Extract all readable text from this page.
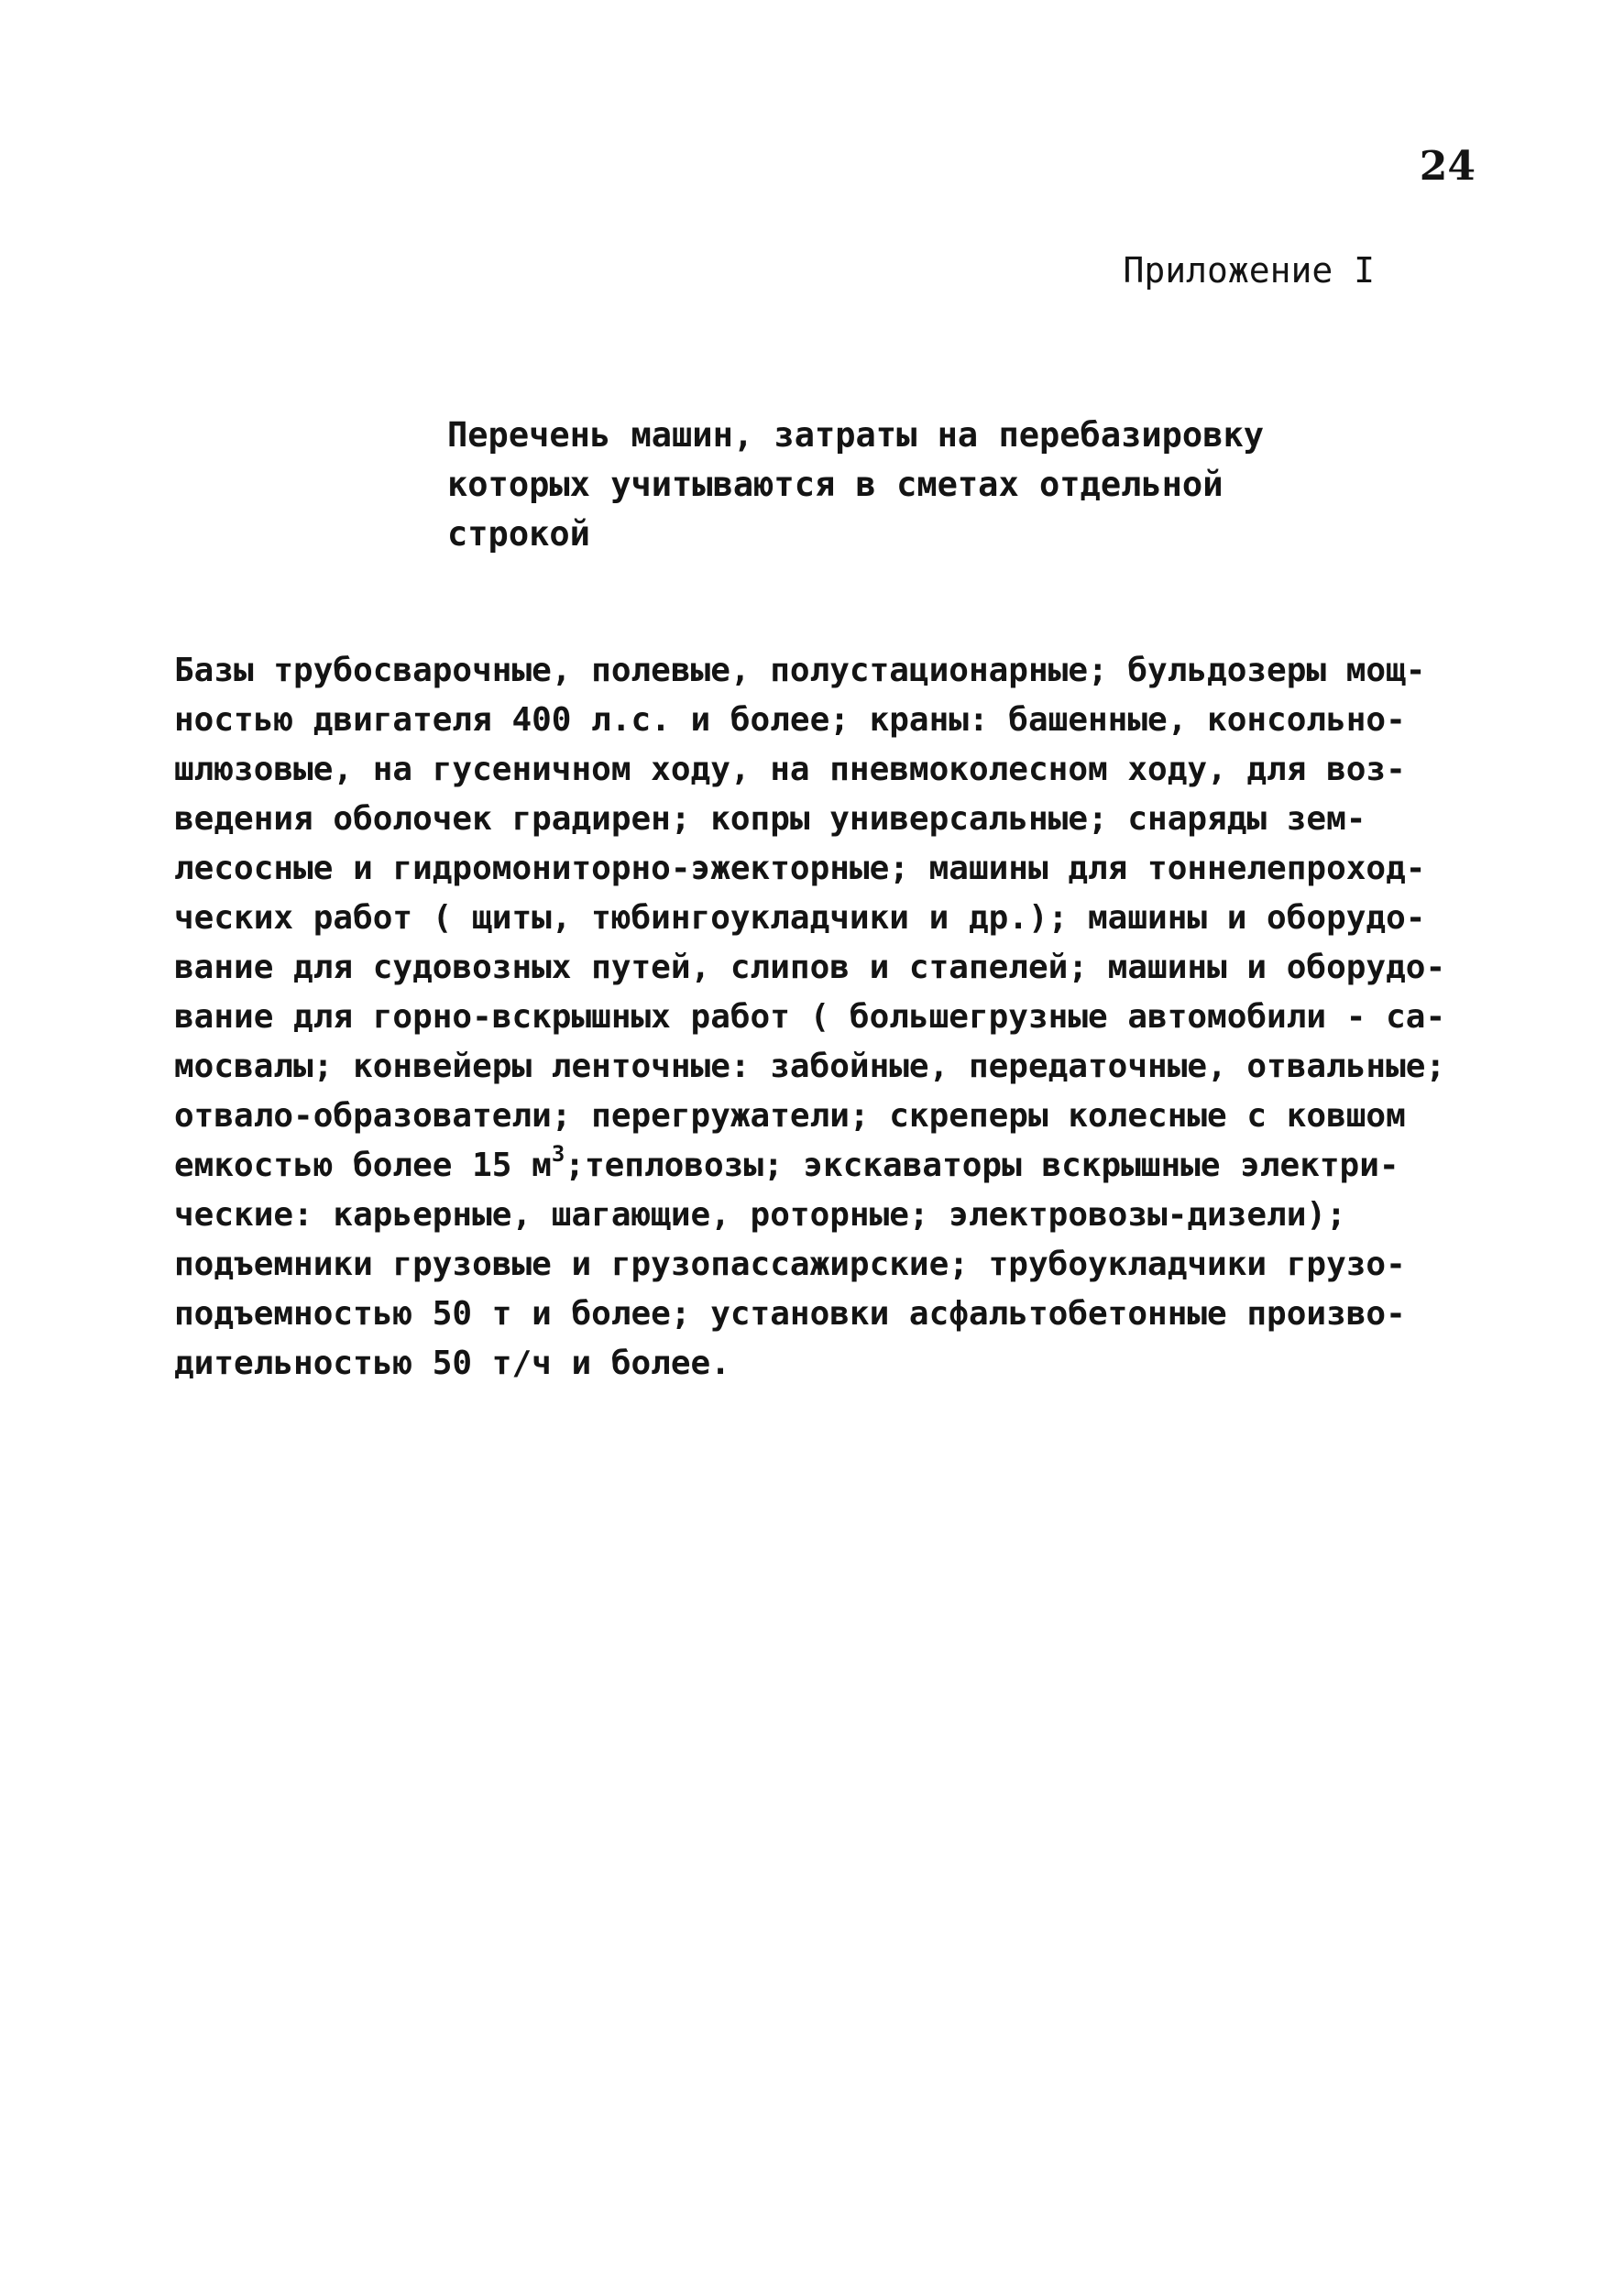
24
Приложение I
Перечень машин, затраты на перебазировку
которых учитываются в сметах отдельной
строкой
Базы трубосварочные, полевые, полустационарные; бульдозеры мощ-
ностью двигателя 400 л.с. и более; краны: башенные, консольно-
шлюзовые, на гусеничном ходу, на пневмоколесном ходу, для воз-
ведения оболочек градирен; копры универсальные; снаряды зем-
лесосные и гидромониторно-эжекторные; машины для тоннелепроход-
ческих работ ( щиты, тюбингоукладчики и др.); машины и оборудо-
вание для судовозных путей, слипов и стапелей; машины и оборудо-
вание для горно-вскрышных работ ( большегрузные автомобили - са-
мосвалы; конвейеры ленточные: забойные, передаточные, отвальные;
отвало-образователи; перегружатели; скреперы колесные с ковшом
емкостью более 15 $м^3;тепловозы$; экскаваторы вскрышные электри-
ческие: карьерные, шагающие, роторные; электровозы-дизели);
подъемники грузовые и грузопассажирские; трубоукладчики грузо-
подъемностью 50 т и более; установки асфальтобетонные произво-
дительностью 50 т/ч и более.
